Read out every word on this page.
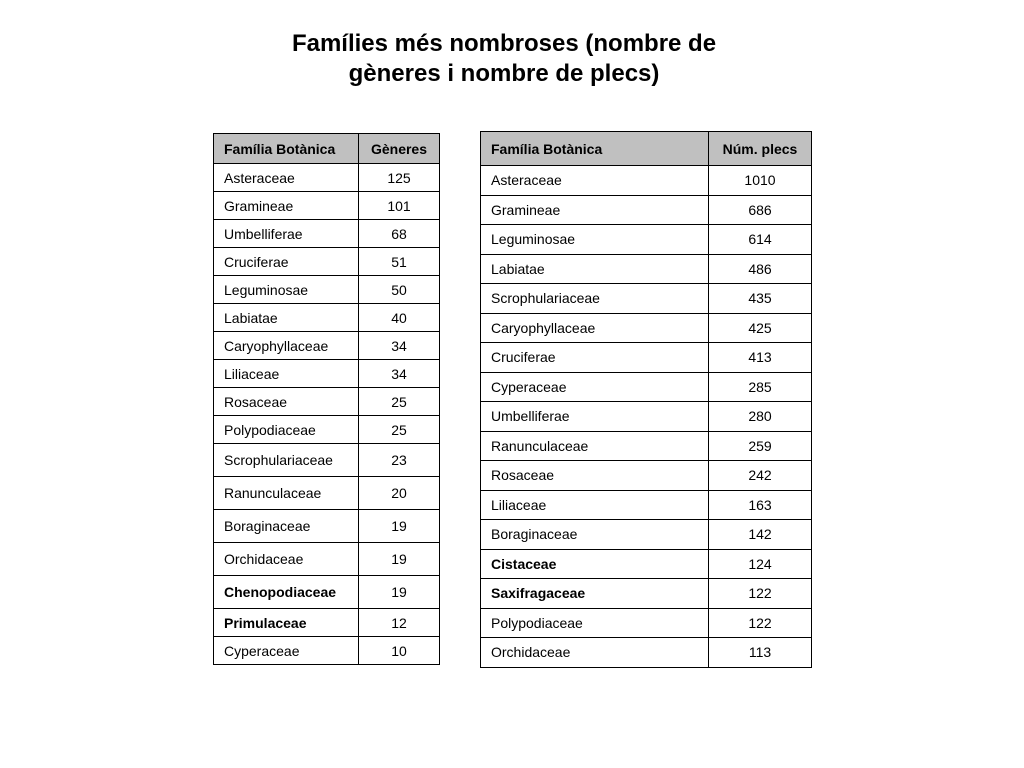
Famílies més nombroses (nombre de
gèneres i nombre de plecs)
Família Botànica	Gèneres
Asteraceae	125
Gramineae	101
Umbelliferae	68
Cruciferae	51
Leguminosae	50
Labiatae	40
Caryophyllaceae	34
Liliaceae	34
Rosaceae	25
Polypodiaceae	25
Scrophulariaceae	23
Ranunculaceae	20
Boraginaceae	19
Orchidaceae	19
Chenopodiaceae	19
Primulaceae	12
Cyperaceae	10
Família Botànica	Núm. plecs
Asteraceae	1010
Gramineae	686
Leguminosae	614
Labiatae	486
Scrophulariaceae	435
Caryophyllaceae	425
Cruciferae	413
Cyperaceae	285
Umbelliferae	280
Ranunculaceae	259
Rosaceae	242
Liliaceae	163
Boraginaceae	142
Cistaceae	124
Saxifragaceae	122
Polypodiaceae	122
Orchidaceae	113
